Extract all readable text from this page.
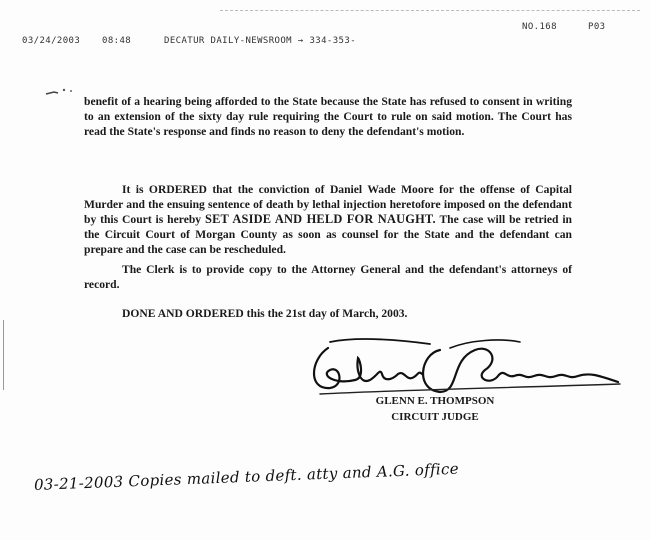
03/24/2003 08:48	DECATUR DAILY-NEWSROOM → 334-353-
NO.168	P03
benefit of a hearing being afforded to the State because the State has refused to consent in writing to an extension of the sixty day rule requiring the Court to rule on said motion. The Court has read the State's response and finds no reason to deny the defendant's motion.
It is ORDERED that the conviction of Daniel Wade Moore for the offense of Capital Murder and the ensuing sentence of death by lethal injection heretofore imposed on the defendant by this Court is hereby SET ASIDE AND HELD FOR NAUGHT. The case will be retried in the Circuit Court of Morgan County as soon as counsel for the State and the defendant can prepare and the case can be rescheduled.
The Clerk is to provide copy to the Attorney General and the defendant's attorneys of record.
DONE AND ORDERED this the 21st day of March, 2003.
GLENN E. THOMPSON
CIRCUIT JUDGE
03-21-2003 Copies mailed to deft. atty and A.G. office
